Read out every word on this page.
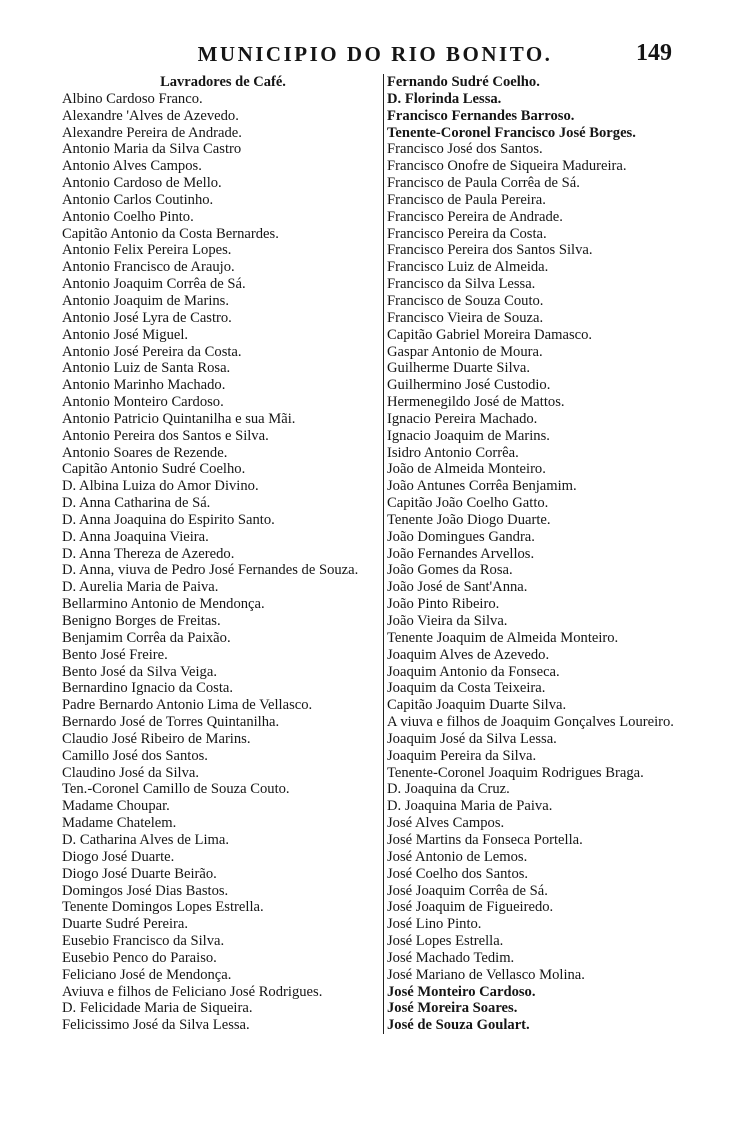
MUNICIPIO DO RIO BONITO.	149
Lavradores de Café.
Albino Cardoso Franco.
Alexandre 'Alves de Azevedo.
Alexandre Pereira de Andrade.
Antonio Maria da Silva Castro
Antonio Alves Campos.
Antonio Cardoso de Mello.
Antonio Carlos Coutinho.
Antonio Coelho Pinto.
Capitão Antonio da Costa Bernardes.
Antonio Felix Pereira Lopes.
Antonio Francisco de Araujo.
Antonio Joaquim Corrêa de Sá.
Antonio Joaquim de Marins.
Antonio José Lyra de Castro.
Antonio José Miguel.
Antonio José Pereira da Costa.
Antonio Luiz de Santa Rosa.
Antonio Marinho Machado.
Antonio Monteiro Cardoso.
Antonio Patricio Quintanilha e sua Mãi.
Antonio Pereira dos Santos e Silva.
Antonio Soares de Rezende.
Capitão Antonio Sudré Coelho.
D. Albina Luiza do Amor Divino.
D. Anna Catharina de Sá.
D. Anna Joaquina do Espirito Santo.
D. Anna Joaquina Vieira.
D. Anna Thereza de Azeredo.
D. Anna, viuva de Pedro José Fernandes de Souza.
D. Aurelia Maria de Paiva.
Bellarmino Antonio de Mendonça.
Benigno Borges de Freitas.
Benjamim Corrêa da Paixão.
Bento José Freire.
Bento José da Silva Veiga.
Bernardino Ignacio da Costa.
Padre Bernardo Antonio Lima de Vellasco.
Bernardo José de Torres Quintanilha.
Claudio José Ribeiro de Marins.
Camillo José dos Santos.
Claudino José da Silva.
Ten.-Coronel Camillo de Souza Couto.
Madame Choupar.
Madame Chatelem.
D. Catharina Alves de Lima.
Diogo José Duarte.
Diogo José Duarte Beirão.
Domingos José Dias Bastos.
Tenente Domingos Lopes Estrella.
Duarte Sudré Pereira.
Eusebio Francisco da Silva.
Eusebio Penco do Paraiso.
Feliciano José de Mendonça.
Aviuva e filhos de Feliciano José Rodrigues.
D. Felicidade Maria de Siqueira.
Felicissimo José da Silva Lessa.
Fernando Sudré Coelho.
D. Florinda Lessa.
Francisco Fernandes Barroso.
Tenente-Coronel Francisco José Borges.
Francisco José dos Santos.
Francisco Onofre de Siqueira Madureira.
Francisco de Paula Corrêa de Sá.
Francisco de Paula Pereira.
Francisco Pereira de Andrade.
Francisco Pereira da Costa.
Francisco Pereira dos Santos Silva.
Francisco Luiz de Almeida.
Francisco da Silva Lessa.
Francisco de Souza Couto.
Francisco Vieira de Souza.
Capitão Gabriel Moreira Damasco.
Gaspar Antonio de Moura.
Guilherme Duarte Silva.
Guilhermino José Custodio.
Hermenegildo José de Mattos.
Ignacio Pereira Machado.
Ignacio Joaquim de Marins.
Isidro Antonio Corrêa.
João de Almeida Monteiro.
João Antunes Corrêa Benjamim.
Capitão João Coelho Gatto.
Tenente João Diogo Duarte.
João Domingues Gandra.
João Fernandes Arvellos.
João Gomes da Rosa.
João José de Sant'Anna.
João Pinto Ribeiro.
João Vieira da Silva.
Tenente Joaquim de Almeida Monteiro.
Joaquim Alves de Azevedo.
Joaquim Antonio da Fonseca.
Joaquim da Costa Teixeira.
Capitão Joaquim Duarte Silva.
A viuva e filhos de Joaquim Gonçalves Loureiro.
Joaquim José da Silva Lessa.
Joaquim Pereira da Silva.
Tenente-Coronel Joaquim Rodrigues Braga.
D. Joaquina da Cruz.
D. Joaquina Maria de Paiva.
José Alves Campos.
José Martins da Fonseca Portella.
José Antonio de Lemos.
José Coelho dos Santos.
José Joaquim Corrêa de Sá.
José Joaquim de Figueiredo.
José Lino Pinto.
José Lopes Estrella.
José Machado Tedim.
José Mariano de Vellasco Molina.
José Monteiro Cardoso.
José Moreira Soares.
José de Souza Goulart.
